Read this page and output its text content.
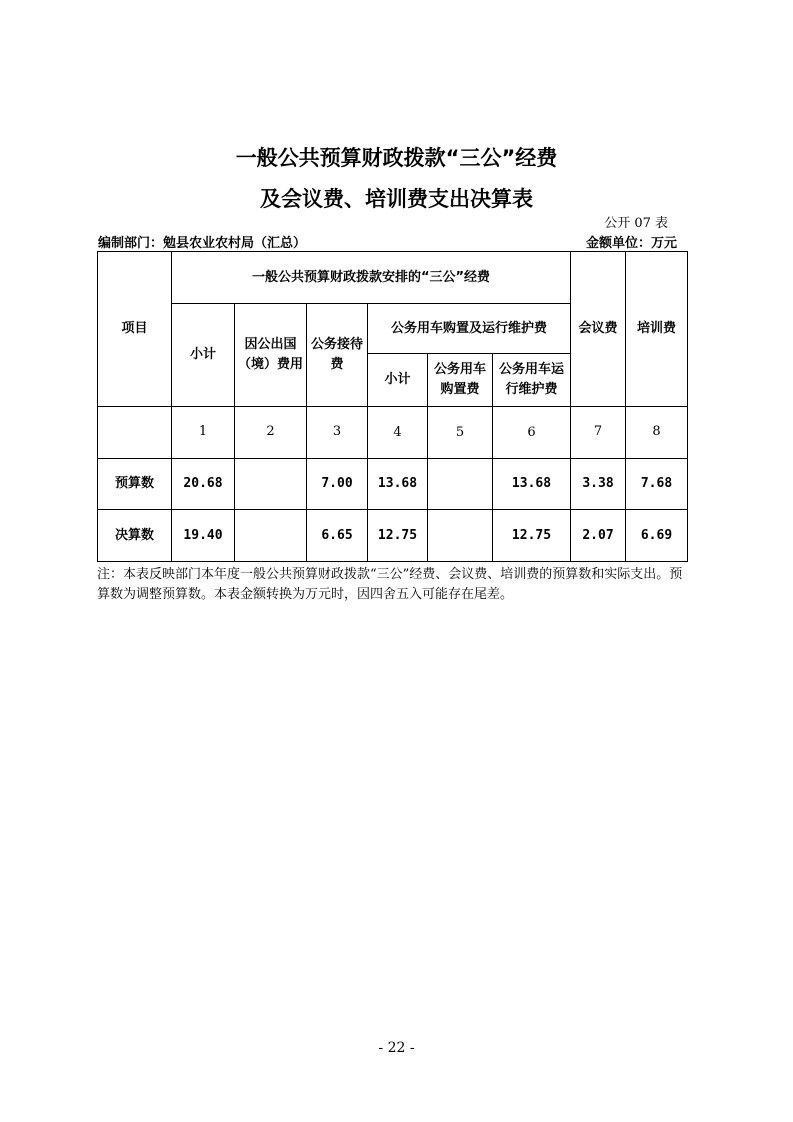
一般公共预算财政拨款“三公”经费
及会议费、培训费支出决算表
公开 07 表
编制部门：勉县农业农村局（汇总）	金额单位：万元
项目	一般公共预算财政拨款安排的“三公”经费						会议费	培训费
	小计	因公出国（境）费用	公务接待费	公务用车购置及运行维护费				
				小计	公务用车购置费	公务用车运行维护费		

	1	2	3	4	5	6	7	8
预算数	20.68		7.00	13.68		13.68	3.38	7.68
决算数	19.40		6.65	12.75		12.75	2.07	6.69
注：本表反映部门本年度一般公共预算财政拨款“三公”经费、会议费、培训费的预算数和实际支出。预算数为调整预算数。本表金额转换为万元时，因四舍五入可能存在尾差。
- 22 -
